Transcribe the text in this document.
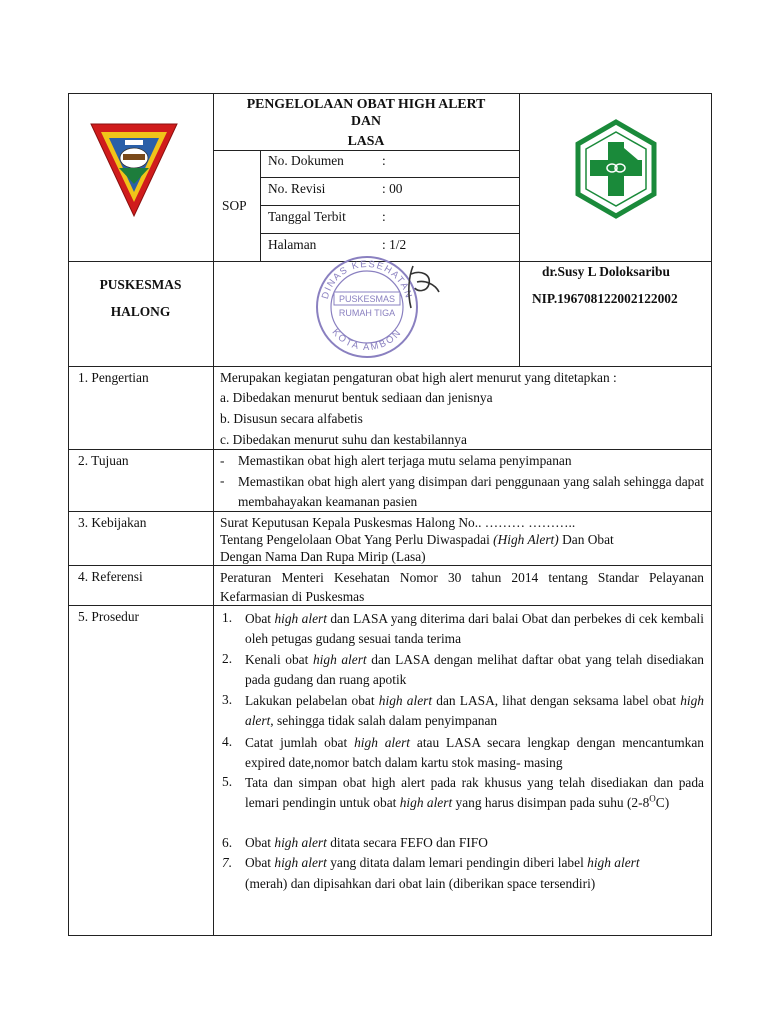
PENGELOLAAN OBAT HIGH ALERT
DAN
LASA
SOP
No. Dokumen	:
No. Revisi	: 00
Tanggal Terbit	:
Halaman	: 1/2
PUSKESMAS
HALONG
DINAS KESEHATAN
KOTA AMBON
PUSKESMAS
RUMAH TIGA
dr.Susy L Doloksaribu
NIP.196708122002122002
1. Pengertian	Merupakan kegiatan pengaturan obat high alert menurut yang ditetapkan :
a. Dibedakan menurut bentuk sediaan dan jenisnya
b. Disusun secara alfabetis
c. Dibedakan menurut suhu dan kestabilannya
2. Tujuan	- Memastikan obat high alert terjaga mutu selama penyimpanan
- Memastikan obat high alert yang disimpan dari penggunaan yang salah sehingga dapat membahayakan keamanan pasien
3. Kebijakan	Surat Keputusan Kepala Puskesmas Halong No.. ……… ………..
Tentang Pengelolaan Obat Yang Perlu Diwaspadai (High Alert) Dan Obat
Dengan Nama Dan Rupa Mirip (Lasa)
4. Referensi	Peraturan Menteri Kesehatan Nomor 30 tahun 2014 tentang Standar Pelayanan Kefarmasian di Puskesmas
5. Prosedur	1. Obat high alert dan LASA yang diterima dari balai Obat dan perbekes di cek kembali oleh petugas gudang sesuai tanda terima
2. Kenali obat high alert dan LASA dengan melihat daftar obat yang telah disediakan pada gudang dan ruang apotik
3. Lakukan pelabelan obat high alert dan LASA, lihat dengan seksama label obat high alert, sehingga tidak salah dalam penyimpanan
4. Catat jumlah obat high alert atau LASA secara lengkap dengan mencantumkan expired date,nomor batch dalam kartu stok masing- masing
5. Tata dan simpan obat high alert pada rak khusus yang telah disediakan dan pada lemari pendingin untuk obat high alert yang harus disimpan pada suhu $(2-8^OC)$
6. Obat high alert ditata secara FEFO dan FIFO
7. Obat high alert yang ditata dalam lemari pendingin diberi label high alert
(merah) dan dipisahkan dari obat lain (diberikan space tersendiri)
